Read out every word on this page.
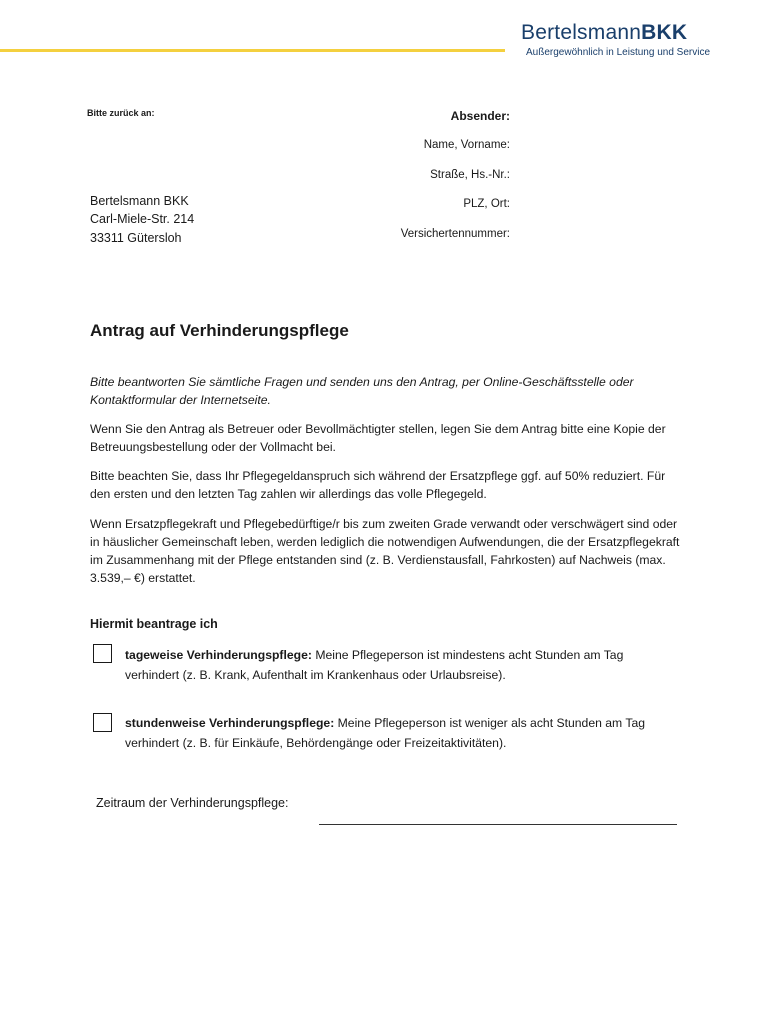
BertelsmannBKK
Außergewöhnlich in Leistung und Service
Bitte zurück an:
Bertelsmann BKK
Carl-Miele-Str. 214
33311 Gütersloh
Absender:
Name, Vorname:
Straße, Hs.-Nr.:
PLZ, Ort:
Versichertennummer:
Antrag auf Verhinderungspflege
Bitte beantworten Sie sämtliche Fragen und senden uns den Antrag, per Online-Geschäftsstelle oder Kontaktformular der Internetseite.
Wenn Sie den Antrag als Betreuer oder Bevollmächtigter stellen, legen Sie dem Antrag bitte eine Kopie der Betreuungsbestellung oder der Vollmacht bei.
Bitte beachten Sie, dass Ihr Pflegegeldanspruch sich während der Ersatzpflege ggf. auf 50% reduziert. Für den ersten und den letzten Tag zahlen wir allerdings das volle Pflegegeld.
Wenn Ersatzpflegekraft und Pflegebedürftige/r bis zum zweiten Grade verwandt oder verschwägert sind oder in häuslicher Gemeinschaft leben, werden lediglich die notwendigen Aufwendungen, die der Ersatzpflegekraft im Zusammenhang mit der Pflege entstanden sind (z. B. Verdienstausfall, Fahrkosten) auf Nachweis (max. 3.539,– €) erstattet.
Hiermit beantrage ich
tageweise Verhinderungspflege: Meine Pflegeperson ist mindestens acht Stunden am Tag verhindert (z. B. Krank, Aufenthalt im Krankenhaus oder Urlaubsreise).
stundenweise Verhinderungspflege: Meine Pflegeperson ist weniger als acht Stunden am Tag verhindert (z. B. für Einkäufe, Behördengänge oder Freizeitaktivitäten).
Zeitraum der Verhinderungspflege:
